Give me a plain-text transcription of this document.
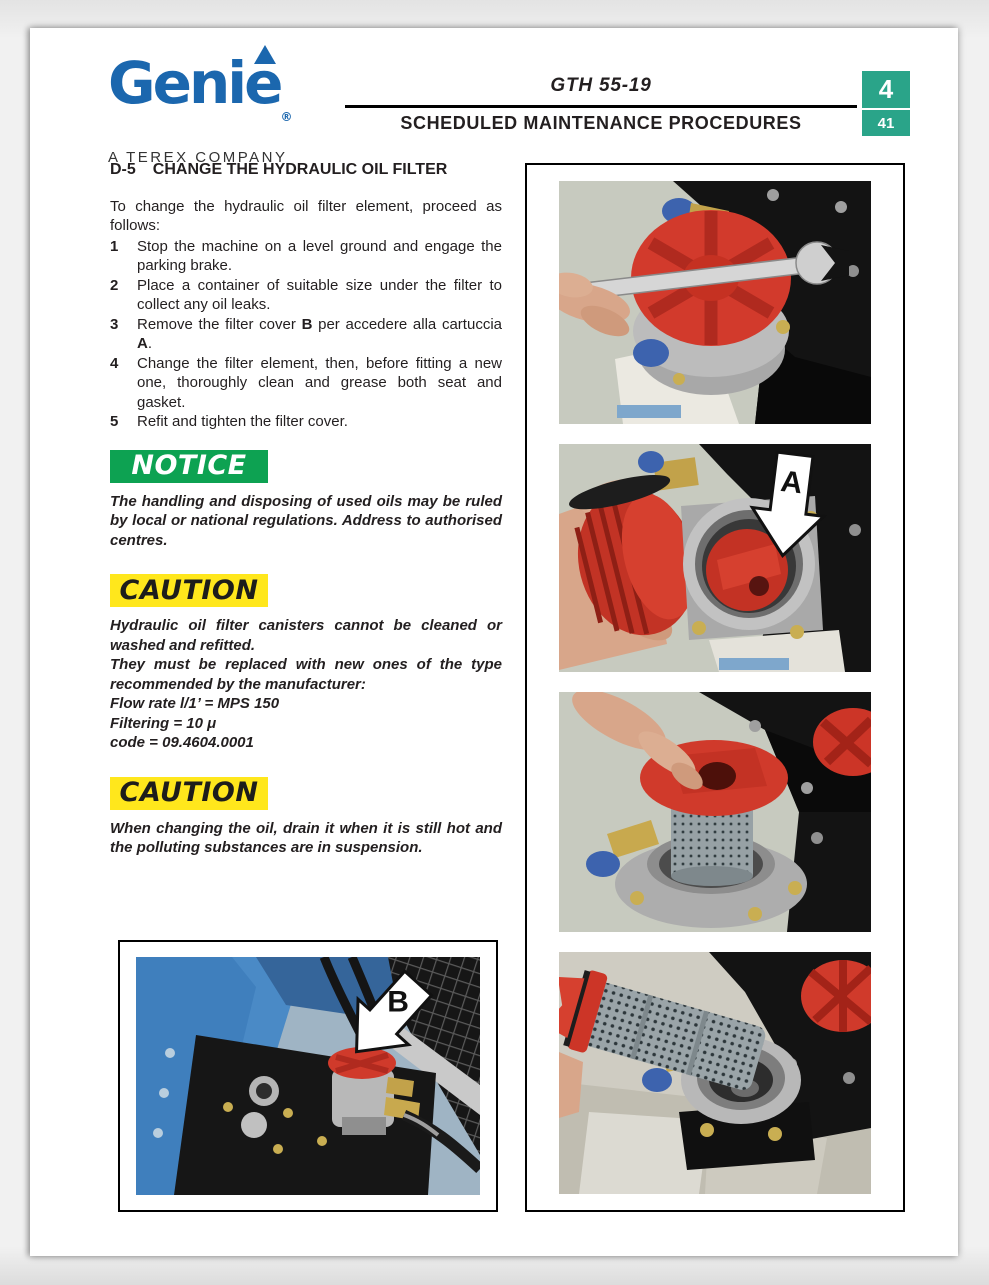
Genie$_®$
A TEREX COMPANY
GTH 55-19
SCHEDULED MAINTENANCE PROCEDURES
4
41
D-5 CHANGE THE HYDRAULIC OIL FILTER

To change the hydraulic oil filter element, proceed as follows:

1	Stop the machine on a level ground and engage the parking brake.
2	Place a container of suitable size under the filter to collect any oil leaks.
3	Remove the filter cover B per accedere alla cartuccia A.
4	Change the filter element, then, before fitting a new one, thoroughly clean and grease both seat and gasket.
5	Refit and tighten the filter cover.
NOTICE

The handling and disposing of used oils may be ruled by local or national regulations. Address to authorised centres.

CAUTION

Hydraulic oil filter canisters cannot be cleaned or washed and refitted.

They must be replaced with new ones of the type recommended by the manufacturer:

Flow rate l/1’ = MPS 150

Filtering = 10 μ

code = 09.4604.0001

CAUTION

When changing the oil, drain it when it is still hot and the polluting substances are in suspension.

A
B
